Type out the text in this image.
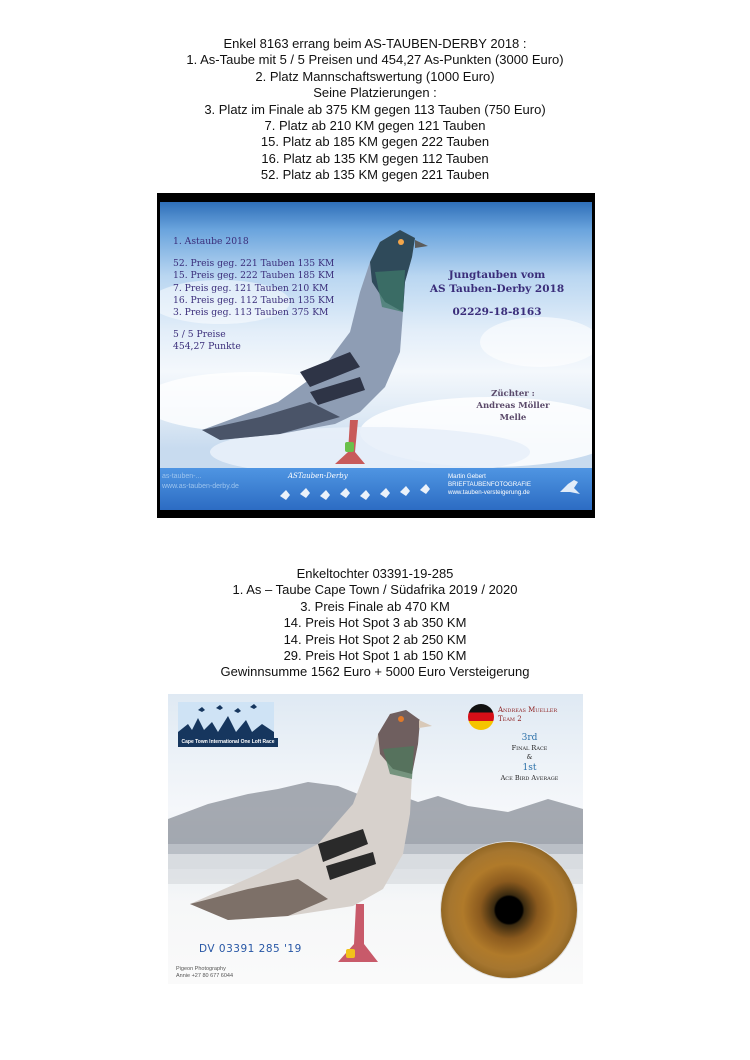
Enkel 8163 errang beim AS-TAUBEN-DERBY 2018 :
1. As-Taube mit 5 / 5 Preisen und 454,27 As-Punkten (3000 Euro)
2. Platz Mannschaftswertung (1000 Euro)
Seine Platzierungen :
3. Platz im Finale ab 375 KM gegen 113 Tauben (750 Euro)
7. Platz ab 210 KM gegen 121 Tauben
15. Platz ab 185 KM gegen 222 Tauben
16. Platz ab 135 KM gegen 112 Tauben
52. Platz ab 135 KM gegen 221 Tauben
1. Astaube 2018
52. Preis geg. 221 Tauben 135 KM
15. Preis geg. 222 Tauben 185 KM
7. Preis geg. 121 Tauben 210 KM
16. Preis geg. 112 Tauben 135 KM
3. Preis geg. 113 Tauben 375 KM
5 / 5 Preise
454,27 Punkte
Jungtauben vom
AS Tauben-Derby 2018
02229-18-8163
Züchter :
Andreas Möller
Melle
as-tauben-...
www.as-tauben-derby.de
ASTauben-Derby	Martin Gebert
BRIEFTAUBENFOTOGRAFIE
www.tauben-versteigerung.de
Enkeltochter 03391-19-285
1. As – Taube Cape Town / Südafrika 2019 / 2020
3. Preis Finale ab 470 KM
14. Preis Hot Spot 3 ab 350 KM
14. Preis Hot Spot 2 ab 250 KM
29. Preis Hot Spot 1 ab 150 KM
Gewinnsumme 1562 Euro + 5000 Euro Versteigerung
Cape Town International One Loft Race
Andreas Mueller
Team 2
3rd
Final Race
&
1st
Ace Bird Average
DV 03391 285 '19
Pigeon Photography
Annie +27 80 677 6044
